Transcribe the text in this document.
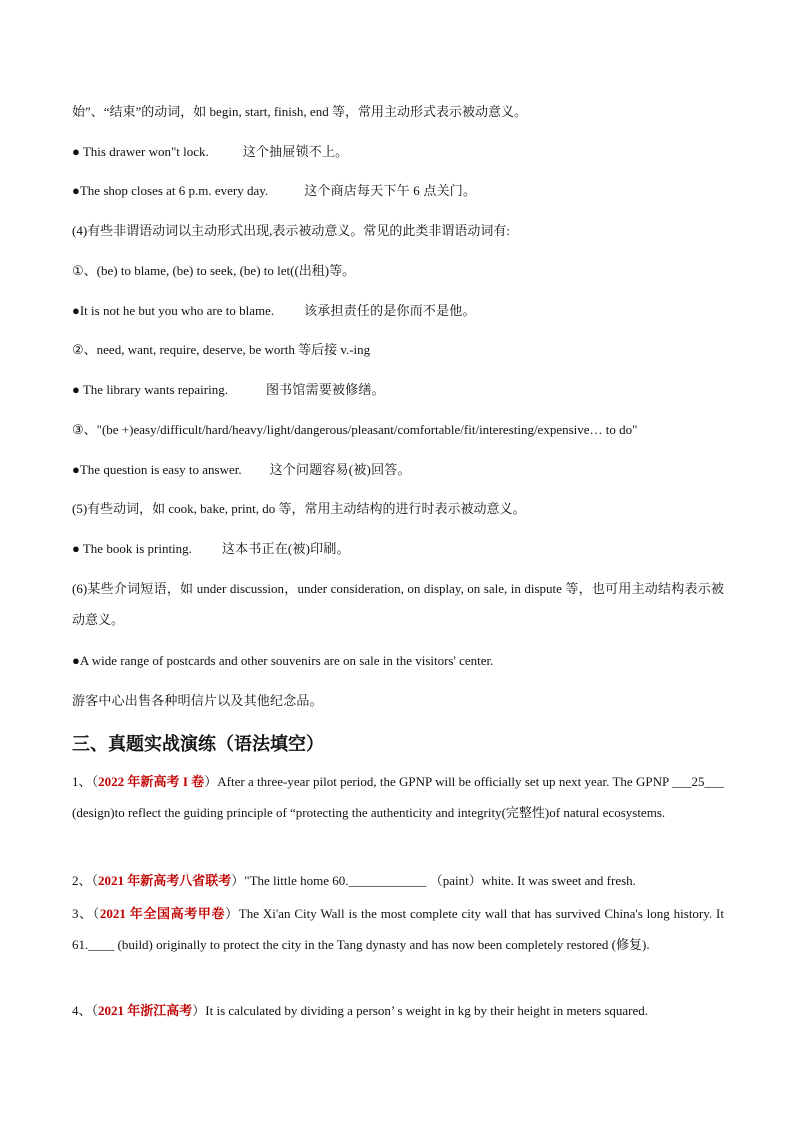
始”、“结束”的动词，如 begin, start, finish, end 等，常用主动形式表示被动意义。
● This drawer won"t lock.	这个抽屉锁不上。
●The shop closes at 6 p.m. every day.	这个商店每天下午 6 点关门。
(4)有些非谓语动词以主动形式出现,表示被动意义。常见的此类非谓语动词有:
①、(be) to blame, (be) to seek, (be) to let((出租)等。
●It is not he but you who are to blame. 该承担责任的是你而不是他。
②、need, want, require, deserve, be worth 等后接 v.-ing
● The library wants repairing.	图书馆需要被修缮。
③、"(be +)easy/difficult/hard/heavy/light/dangerous/pleasant/comfortable/fit/interesting/expensive… to do"
●The question is easy to answer. 这个问题容易(被)回答。
(5)有些动词，如 cook, bake, print, do 等，常用主动结构的进行时表示被动意义。
● The book is printing. 这本书正在(被)印刷。
(6)某些介词短语，如 under discussion，under consideration, on display, on sale, in dispute 等，也可用主动结构表示被动意义。
●A wide range of postcards and other souvenirs are on sale in the visitors' center.
游客中心出售各种明信片以及其他纪念品。
三、真题实战演练（语法填空）
1、（2022 年新高考 I 卷）After a three-year pilot period, the GPNP will be officially set up next year. The GPNP ___25___ (design)to reflect the guiding principle of “protecting the authenticity and integrity(完整性)of natural ecosystems.
2、（2021 年新高考八省联考）"The little home 60.____________ （paint）white. It was sweet and fresh.
3、（2021 年全国高考甲卷）The Xi'an City Wall is the most complete city wall that has survived China's long history. It 61.____ (build) originally to protect the city in the Tang dynasty and has now been completely restored (修复).
4、（2021 年浙江高考）It is calculated by dividing a person’ s weight in kg by their height in meters squared.
